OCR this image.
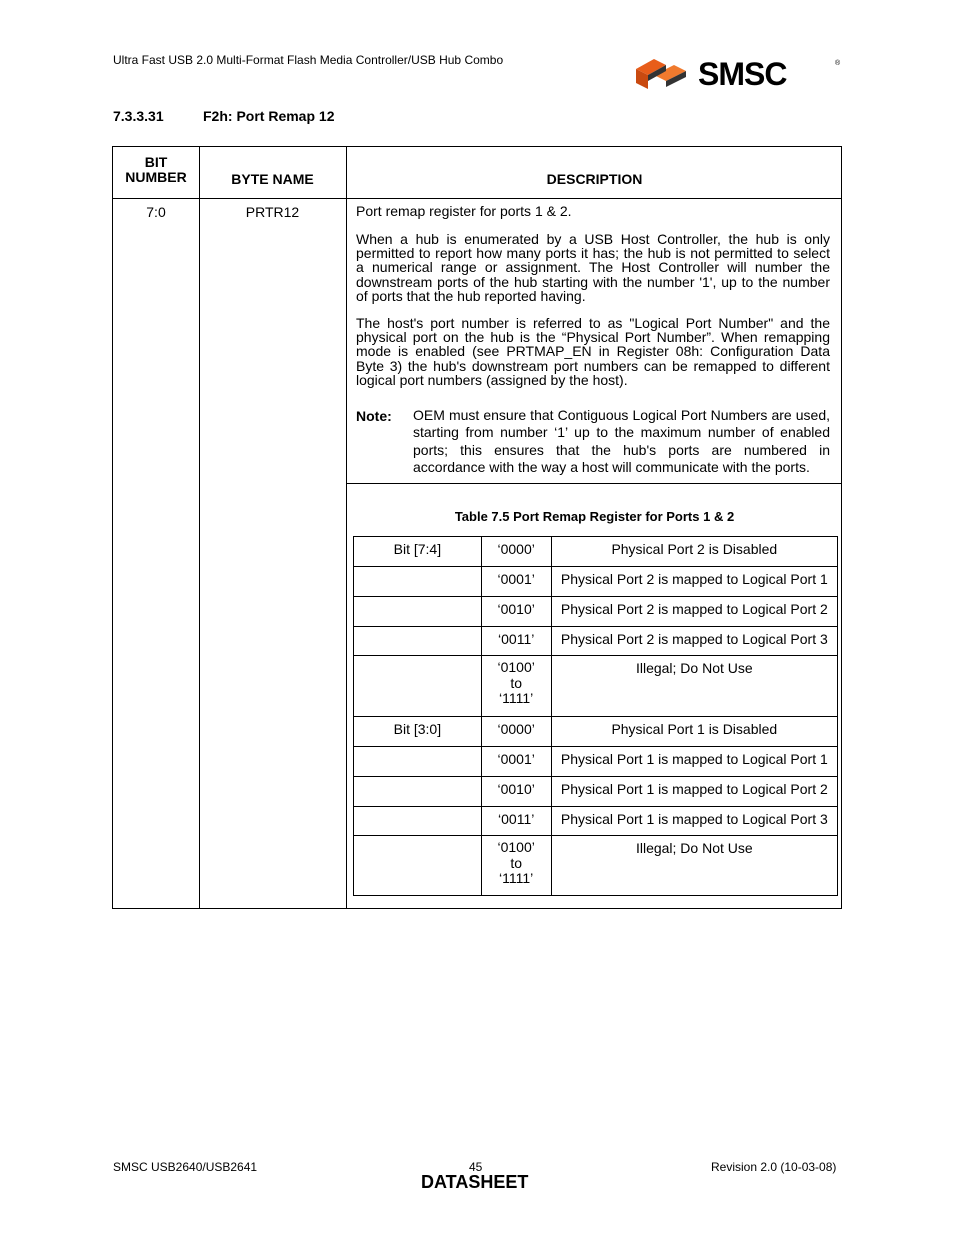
Ultra Fast USB 2.0 Multi-Format Flash Media Controller/USB Hub Combo	SMSC	®
7.3.3.31	F2h: Port Remap 12
BIT
NUMBER	BYTE NAME	DESCRIPTION
7:0	PRTR12	Port remap register for ports 1 & 2.
When a hub is enumerated by a USB Host Controller, the hub is only permitted to report how many ports it has; the hub is not permitted to select a numerical range or assignment. The Host Controller will number the downstream ports of the hub starting with the number '1', up to the number of ports that the hub reported having.
The host's port number is referred to as "Logical Port Number" and the physical port on the hub is the “Physical Port Number”. When remapping mode is enabled (see PRTMAP_EN in Register 08h: Configuration Data Byte 3) the hub's downstream port numbers can be remapped to different logical port numbers (assigned by the host).
Note: OEM must ensure that Contiguous Logical Port Numbers are used, starting from number ‘1’ up to the maximum number of enabled ports; this ensures that the hub's ports are numbered in accordance with the way a host will communicate with the ports.
Table 7.5 Port Remap Register for Ports 1 & 2
Bit [7:4]	‘0000’	Physical Port 2 is Disabled
	‘0001’	Physical Port 2 is mapped to Logical Port 1
	‘0010’	Physical Port 2 is mapped to Logical Port 2
	‘0011’	Physical Port 2 is mapped to Logical Port 3

	‘0100’
to
‘1111’	Illegal; Do Not Use
Bit [3:0]	‘0000’	Physical Port 1 is Disabled
	‘0001’	Physical Port 1 is mapped to Logical Port 1
	‘0010’	Physical Port 1 is mapped to Logical Port 2
	‘0011’	Physical Port 1 is mapped to Logical Port 3

	‘0100’
to
‘1111’	Illegal; Do Not Use
SMSC USB2640/USB2641	45	Revision 2.0 (10-03-08)
DATASHEET
